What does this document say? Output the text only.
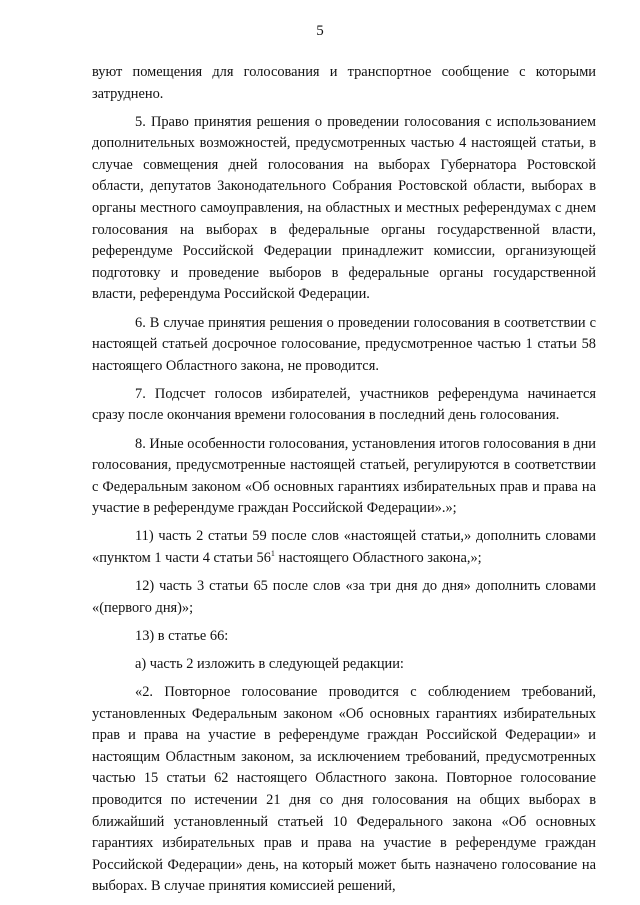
5

вуют помещения для голосования и транспортное сообщение с которыми затруднено.

5. Право принятия решения о проведении голосования с использованием дополнительных возможностей, предусмотренных частью 4 настоящей статьи, в случае совмещения дней голосования на выборах Губернатора Ростовской области, депутатов Законодательного Собрания Ростовской области, выборах в органы местного самоуправления, на областных и местных референдумах с днем голосования на выборах в федеральные органы государственной власти, референдуме Российской Федерации принадлежит комиссии, организующей подготовку и проведение выборов в федеральные органы государственной власти, референдума Российской Федерации.

6. В случае принятия решения о проведении голосования в соответствии с настоящей статьей досрочное голосование, предусмотренное частью 1 статьи 58 настоящего Областного закона, не проводится.

7. Подсчет голосов избирателей, участников референдума начинается сразу после окончания времени голосования в последний день голосования.

8. Иные особенности голосования, установления итогов голосования в дни голосования, предусмотренные настоящей статьей, регулируются в соответствии с Федеральным законом «Об основных гарантиях избирательных прав и права на участие в референдуме граждан Российской Федерации».»;

11) часть 2 статьи 59 после слов «настоящей статьи,» дополнить словами «пунктом 1 части 4 статьи $56^1$ настоящего Областного закона,»;

12) часть 3 статьи 65 после слов «за три дня до дня» дополнить словами «(первого дня)»;

13) в статье 66:

а) часть 2 изложить в следующей редакции:

«2. Повторное голосование проводится с соблюдением требований, установленных Федеральным законом «Об основных гарантиях избирательных прав и права на участие в референдуме граждан Российской Федерации» и настоящим Областным законом, за исключением требований, предусмотренных частью 15 статьи 62 настоящего Областного закона. Повторное голосование проводится по истечении 21 дня со дня голосования на общих выборах в ближайший установленный статьей 10 Федерального закона «Об основных гарантиях избирательных прав и права на участие в референдуме граждан Российской Федерации» день, на который может быть назначено голосование на выборах. В случае принятия комиссией решений,
